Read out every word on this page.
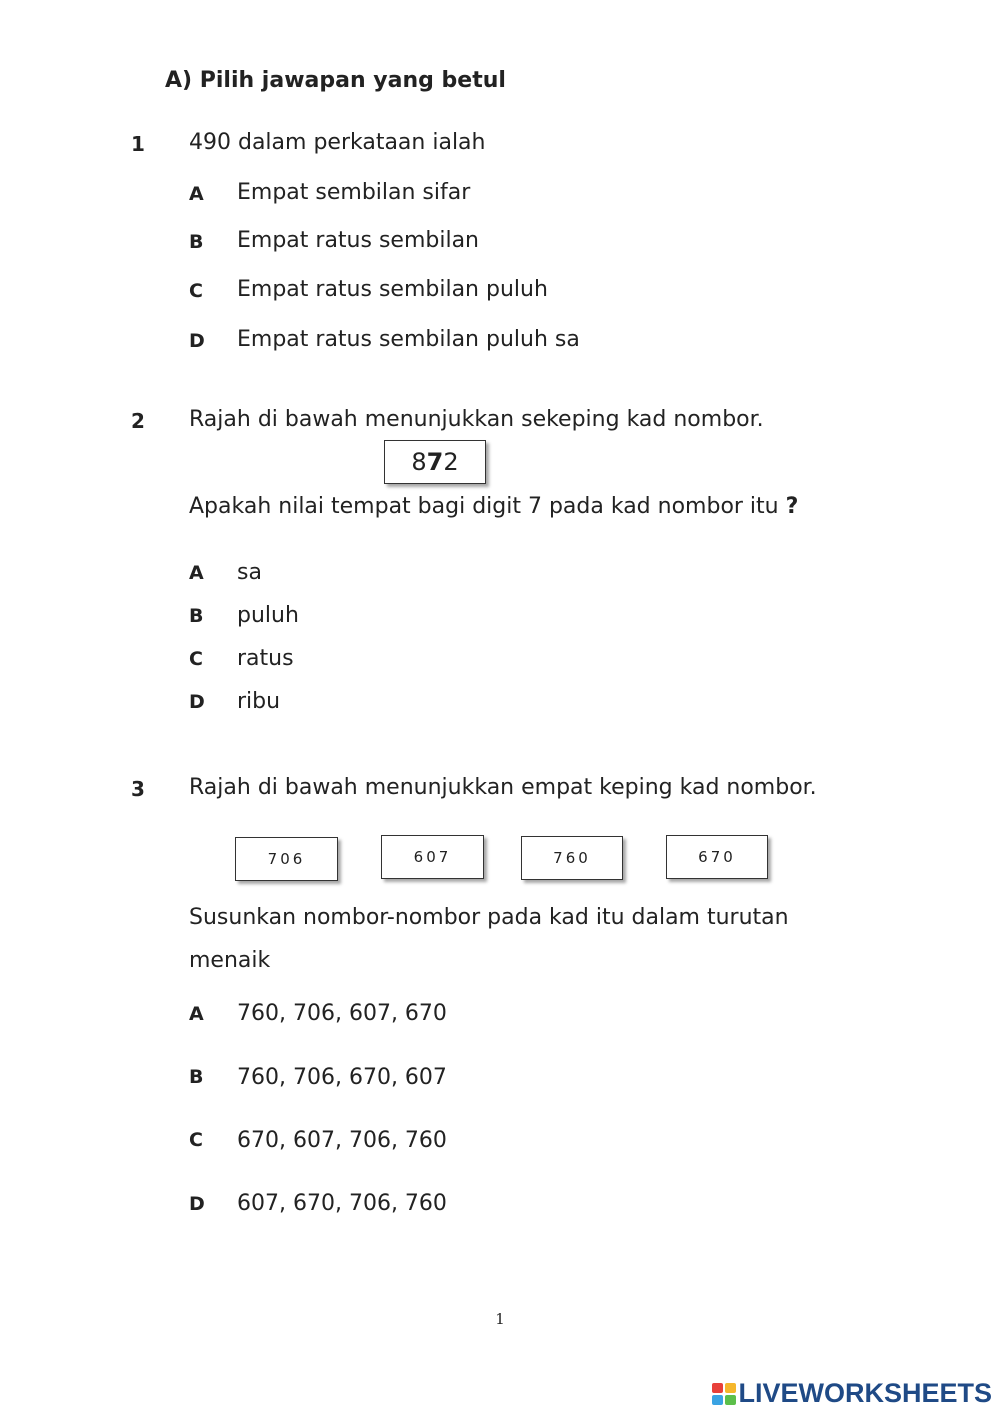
A) Pilih jawapan yang betul
1 490 dalam perkataan ialah
A Empat sembilan sifar
B Empat ratus sembilan
C Empat ratus sembilan puluh
D Empat ratus sembilan puluh sa
2 Rajah di bawah menunjukkan sekeping kad nombor.
8 7 2
Apakah nilai tempat bagi digit 7 pada kad nombor itu ?
A sa
B puluh
C ratus
D ribu
3 Rajah di bawah menunjukkan empat keping kad nombor.
706	607	760	670
Susunkan nombor-nombor pada kad itu dalam turutan
menaik
A 760, 706, 607, 670
B 760, 706, 670, 607
C 670, 607, 706, 760
D 607, 670, 706, 760
1
LIVEWORKSHEETS
